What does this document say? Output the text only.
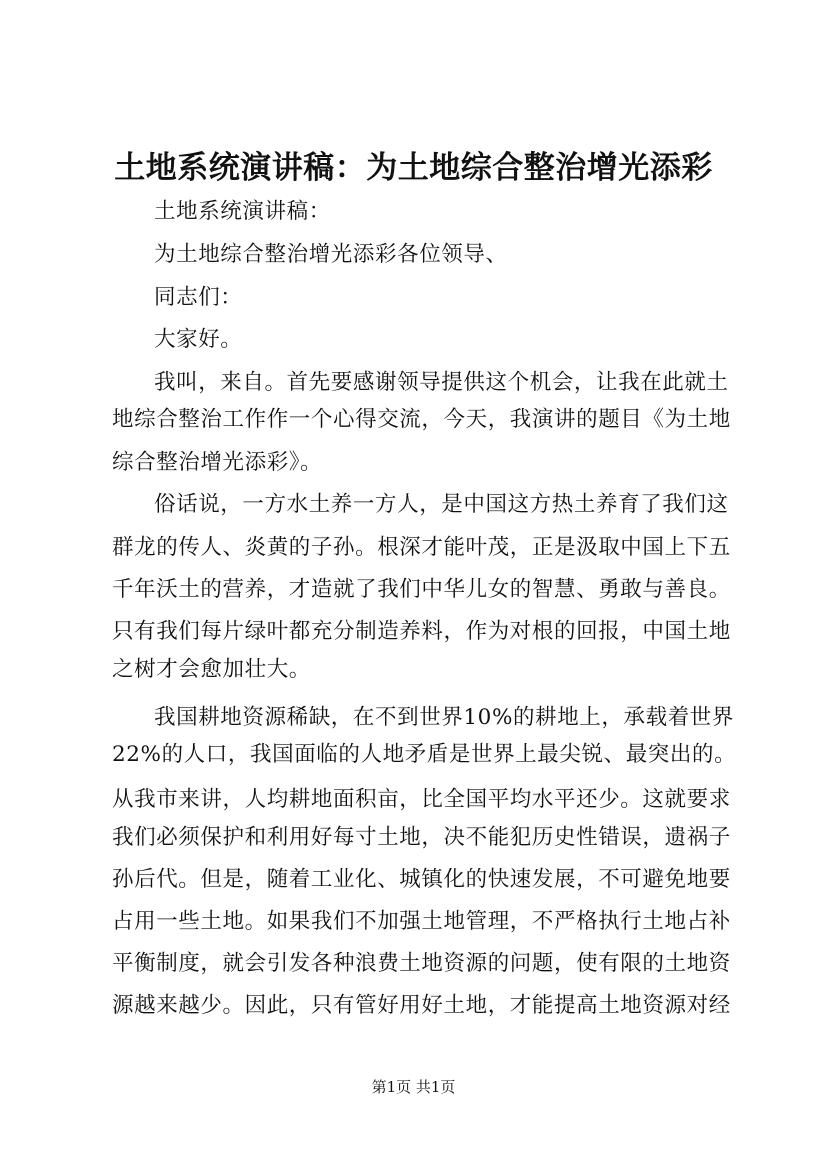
土地系统演讲稿：为土地综合整治增光添彩
土地系统演讲稿：
为土地综合整治增光添彩各位领导、
同志们：
大家好。
我叫，来自。首先要感谢领导提供这个机会，让我在此就土
地综合整治工作作一个心得交流，今天，我演讲的题目《为土地
综合整治增光添彩》。
俗话说，一方水土养一方人，是中国这方热土养育了我们这
群龙的传人、炎黄的子孙。根深才能叶茂，正是汲取中国上下五
千年沃土的营养，才造就了我们中华儿女的智慧、勇敢与善良。
只有我们每片绿叶都充分制造养料，作为对根的回报，中国土地
之树才会愈加壮大。
我国耕地资源稀缺，在不到世界10%的耕地上，承载着世界
22%的人口，我国面临的人地矛盾是世界上最尖锐、最突出的。
从我市来讲，人均耕地面积亩，比全国平均水平还少。这就要求
我们必须保护和利用好每寸土地，决不能犯历史性错误，遗祸子
孙后代。但是，随着工业化、城镇化的快速发展，不可避免地要
占用一些土地。如果我们不加强土地管理，不严格执行土地占补
平衡制度，就会引发各种浪费土地资源的问题，使有限的土地资
源越来越少。因此，只有管好用好土地，才能提高土地资源对经
第1页 共1页
